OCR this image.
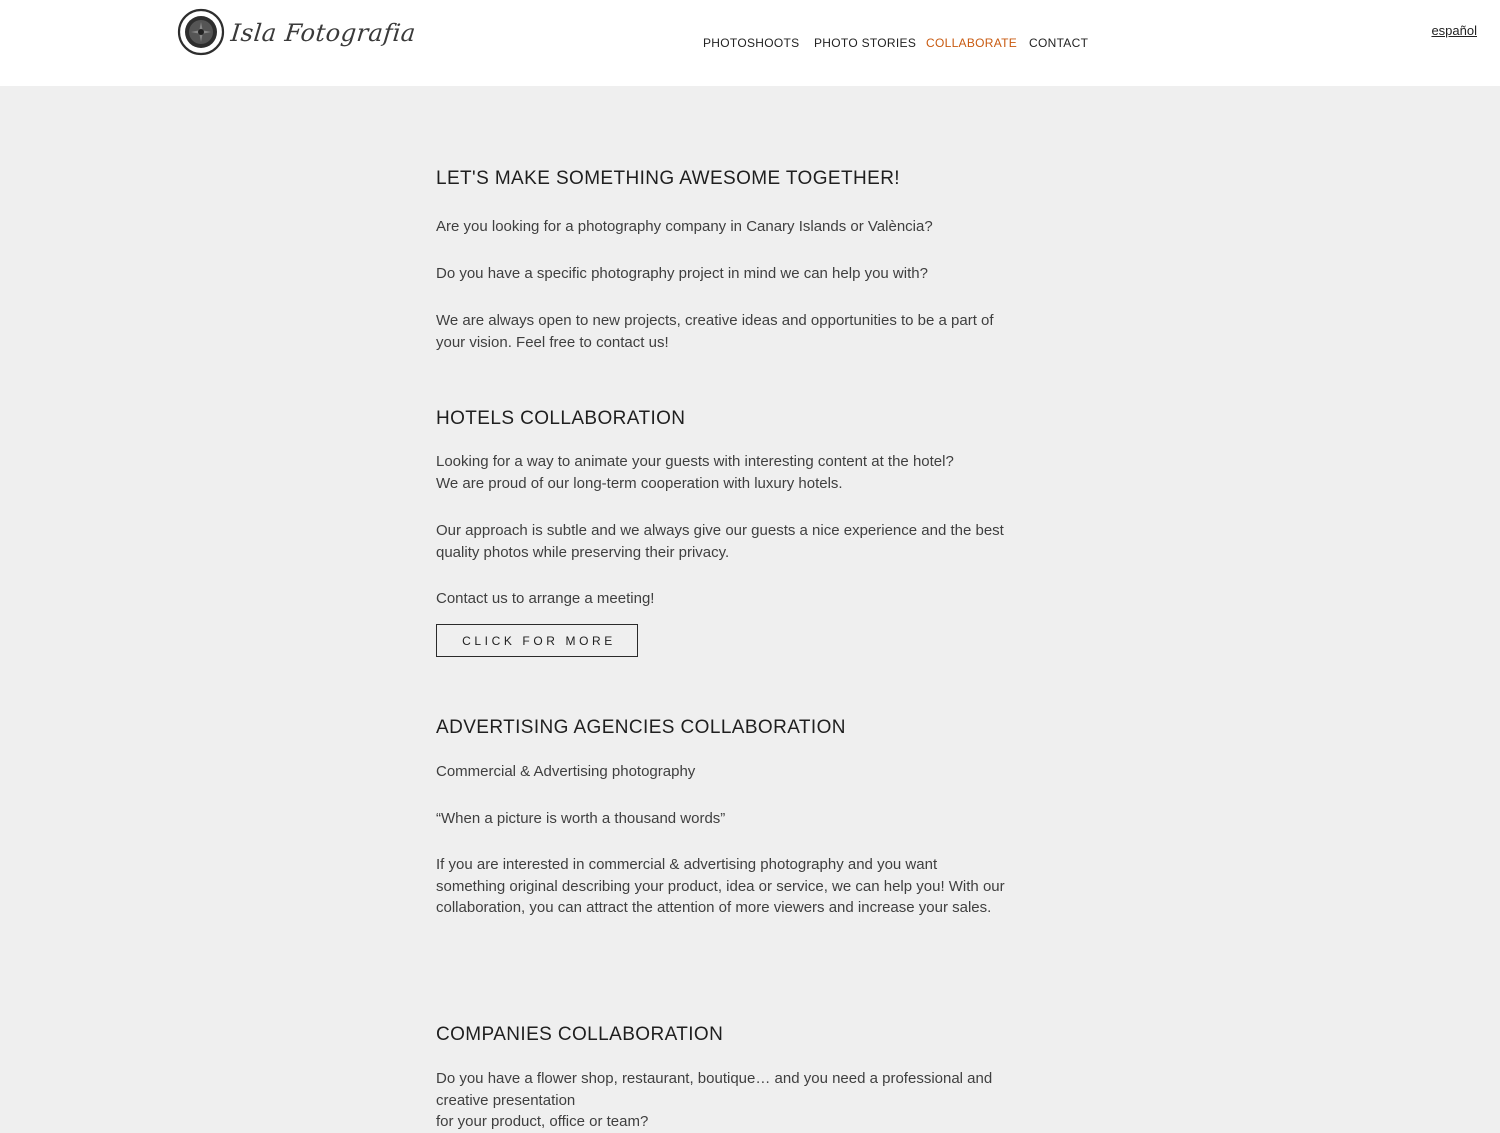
Isla Fotografia	PHOTOSHOOTS PHOTO STORIES COLLABORATE CONTACT
español
LET'S MAKE SOMETHING AWESOME TOGETHER!

Are you looking for a photography company in Canary Islands or València?

Do you have a specific photography project in mind we can help you with?

We are always open to new projects, creative ideas and opportunities to be a part of your vision. Feel free to contact us!

HOTELS COLLABORATION

Looking for a way to animate your guests with interesting content at the hotel?
We are proud of our long-term cooperation with luxury hotels.

Our approach is subtle and we always give our guests a nice experience and the best quality photos while preserving their privacy.

Contact us to arrange a meeting!

CLICK FOR MORE
ADVERTISING AGENCIES COLLABORATION

Commercial & Advertising photography

“When a picture is worth a thousand words”

If you are interested in commercial & advertising photography and you want something original describing your product, idea or service, we can help you! With our collaboration, you can attract the attention of more viewers and increase your sales.

COMPANIES COLLABORATION

Do you have a flower shop, restaurant, boutique… and you need a professional and creative presentation
for your product, office or team?
